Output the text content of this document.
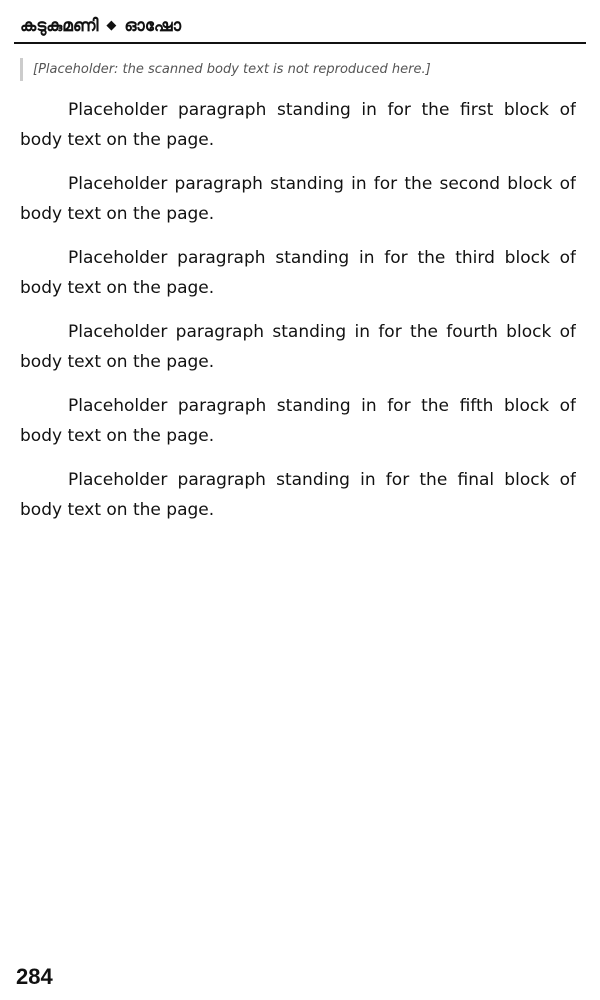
കടുകുമണി ◆ ഓഷോ
[Placeholder: the scanned body text is not reproduced here.]

Placeholder paragraph standing in for the first block of body text on the page.

Placeholder paragraph standing in for the second block of body text on the page.

Placeholder paragraph standing in for the third block of body text on the page.

Placeholder paragraph standing in for the fourth block of body text on the page.

Placeholder paragraph standing in for the fifth block of body text on the page.

Placeholder paragraph standing in for the final block of body text on the page.

284
